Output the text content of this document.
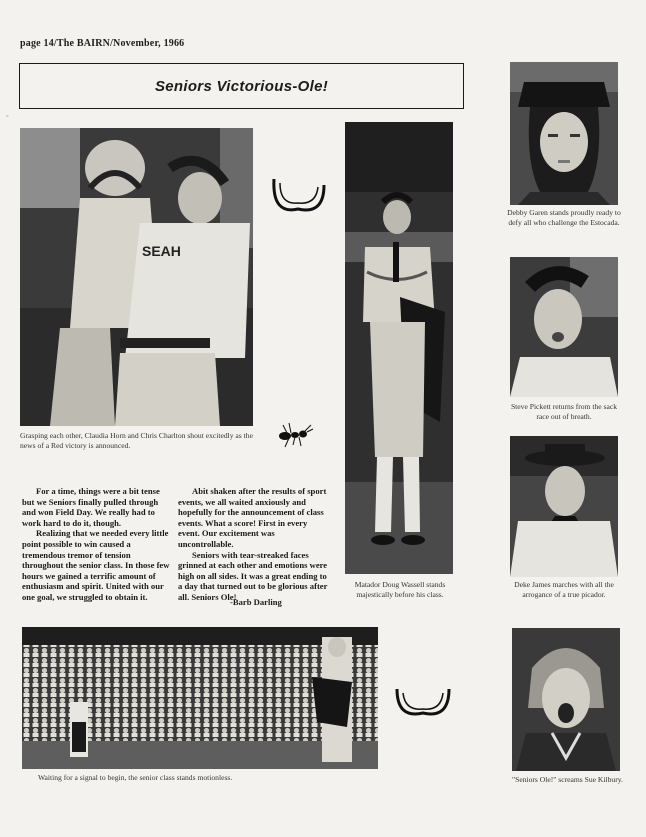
page 14/The BAIRN/November, 1966
ˇ
Seniors Victorious-Ole!
SEAH
Grasping each other, Claudia Horn and Chris Charlton shout excitedly as the news of a Red victory is announced.
Matador Doug Wassell stands majestically before his class.

For a time, things were a bit tense but we Seniors finally pulled through and won Field Day. We really had to work hard to do it, though.

Realizing that we needed every little point possible to win caused a tremendous tremor of tension throughout the senior class. In those few hours we gained a terrific amount of enthusiasm and spirit. United with our one goal, we struggled to obtain it.

Abit shaken after the results of sport events, we all waited anxiously and hopefully for the announcement of class events. What a score! First in every event. Our excitement was uncontrollable.

Seniors with tear-streaked faces grinned at each other and emotions were high on all sides. It was a great ending to a day that turned out to be glorious after all. Seniors Ole!

-Barb Darling
Debby Garen stands proudly ready to defy all who challenge the Estocada.
Steve Pickett returns from the sack race out of breath.
Deke James marches with all the arrogance of a true picador.
"Seniors Ole!" screams Sue Kilbury.
Waiting for a signal to begin, the senior class stands motionless.
